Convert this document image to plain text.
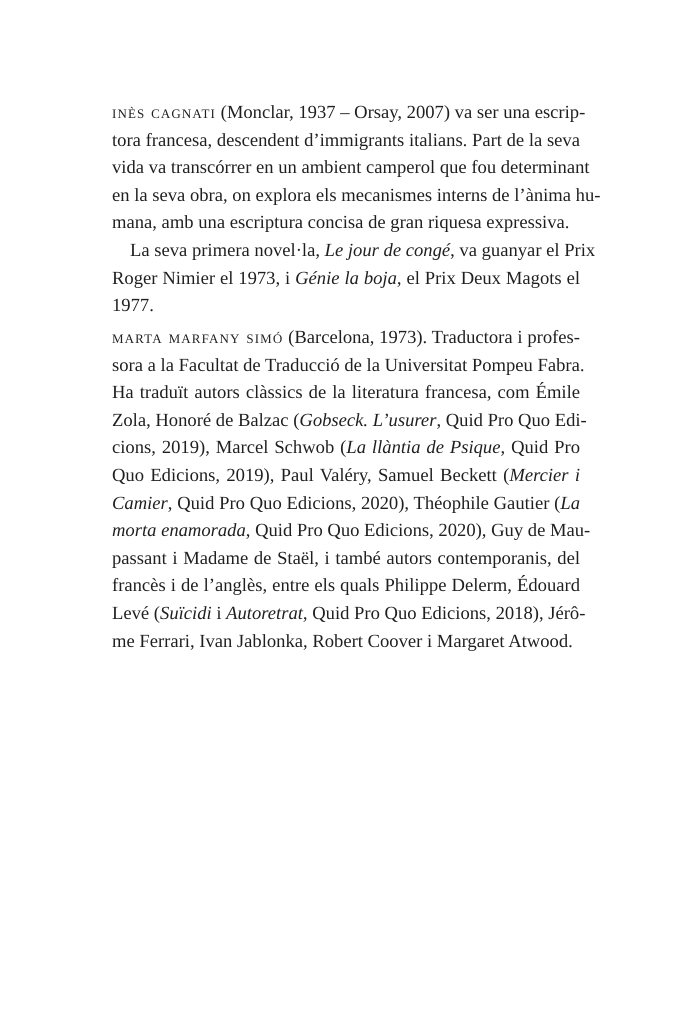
inès cagnati (Monclar, 1937 – Orsay, 2007) va ser una escrip-
tora francesa, descendent d’immigrants italians. Part de la seva
vida va transcórrer en un ambient camperol que fou determinant
en la seva obra, on explora els mecanismes interns de l’ànima hu-
mana, amb una escriptura concisa de gran riquesa expressiva.

La seva primera novel·la, Le jour de congé, va guanyar el Prix
Roger Nimier el 1973, i Génie la boja, el Prix Deux Magots el
1977.

marta marfany simó (Barcelona, 1973). Traductora i profes-
sora a la Facultat de Traducció de la Universitat Pompeu Fabra.
Ha traduït autors clàssics de la literatura francesa, com Émile
Zola, Honoré de Balzac (Gobseck. L’usurer, Quid Pro Quo Edi-
cions, 2019), Marcel Schwob (La llàntia de Psique, Quid Pro
Quo Edicions, 2019), Paul Valéry, Samuel Beckett (Mercier i
Camier, Quid Pro Quo Edicions, 2020), Théophile Gautier (La
morta enamorada, Quid Pro Quo Edicions, 2020), Guy de Mau-
passant i Madame de Staël, i també autors contemporanis, del
francès i de l’anglès, entre els quals Philippe Delerm, Édouard
Levé (Suïcidi i Autoretrat, Quid Pro Quo Edicions, 2018), Jérô-
me Ferrari, Ivan Jablonka, Robert Coover i Margaret Atwood.
